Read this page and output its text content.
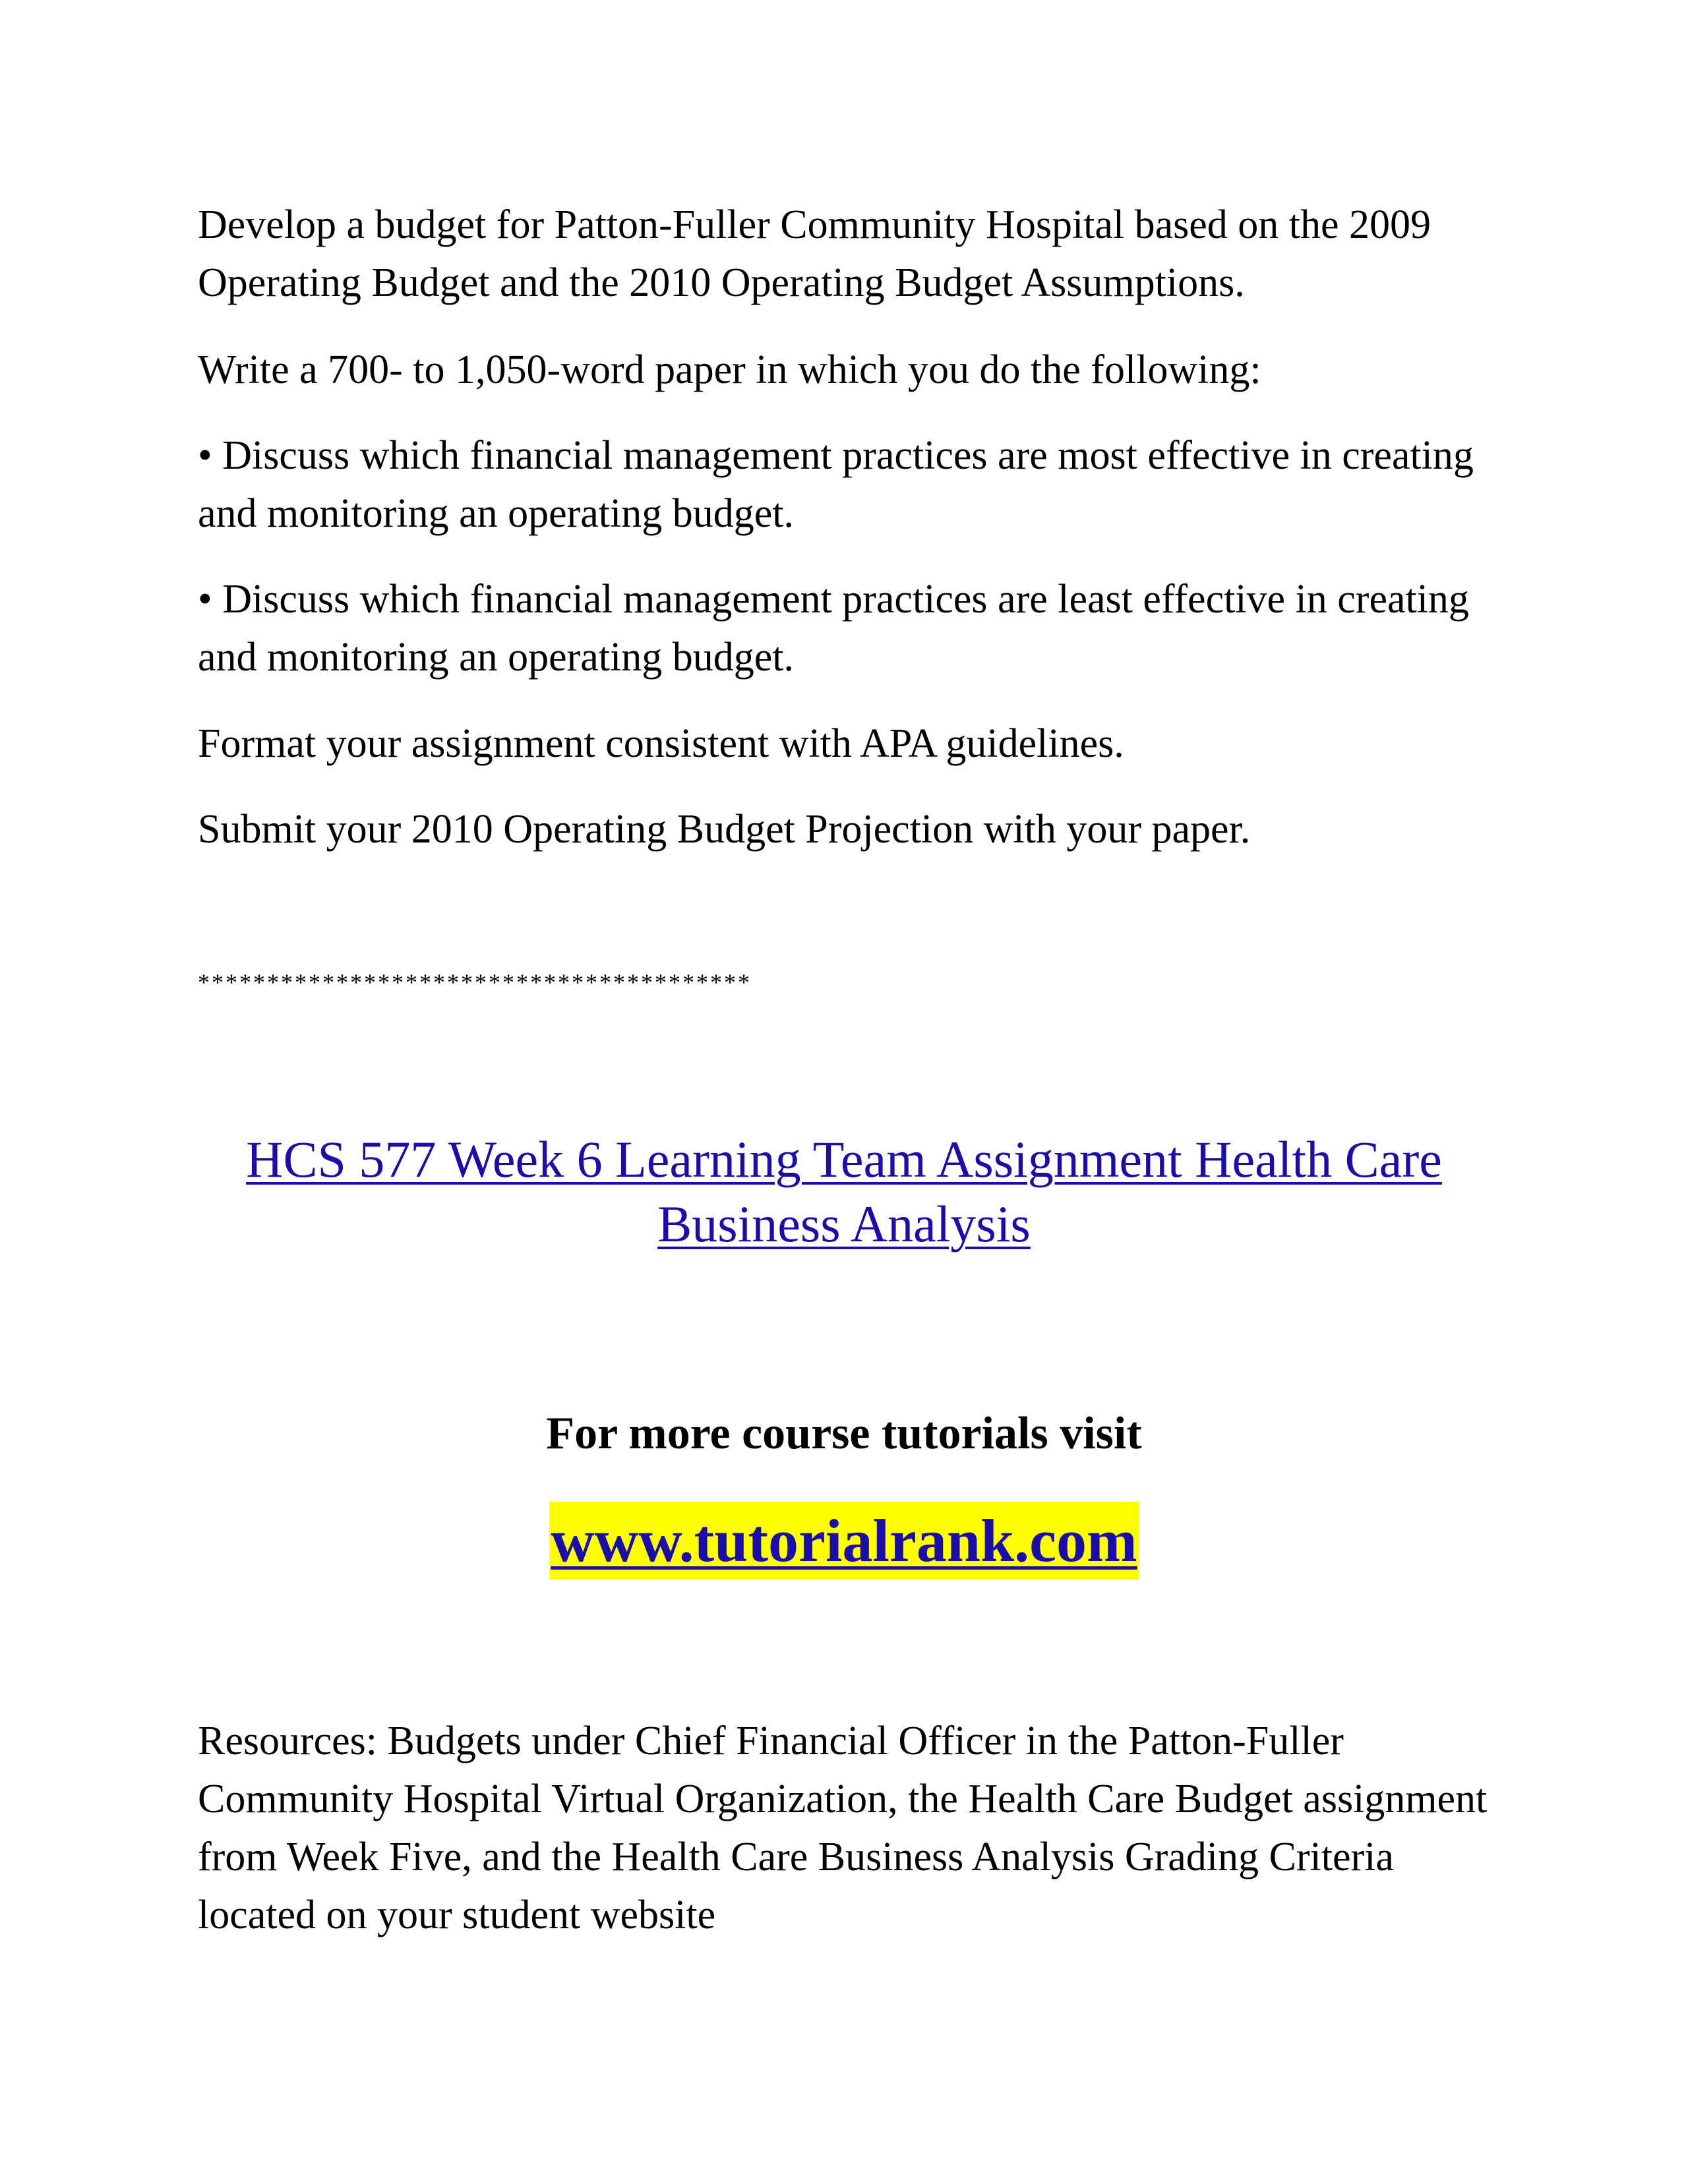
Develop a budget for Patton-Fuller Community Hospital based on the 2009 Operating Budget and the 2010 Operating Budget Assumptions.

Write a 700- to 1,050-word paper in which you do the following:

• Discuss which financial management practices are most effective in creating and monitoring an operating budget.

• Discuss which financial management practices are least effective in creating and monitoring an operating budget.

Format your assignment consistent with APA guidelines.

Submit your 2010 Operating Budget Projection with your paper.

****************************************

HCS 577 Week 6 Learning Team Assignment Health Care Business Analysis

For more course tutorials visit

www.tutorialrank.com

Resources: Budgets under Chief Financial Officer in the Patton-Fuller Community Hospital Virtual Organization, the Health Care Budget assignment from Week Five, and the Health Care Business Analysis Grading Criteria located on your student website
